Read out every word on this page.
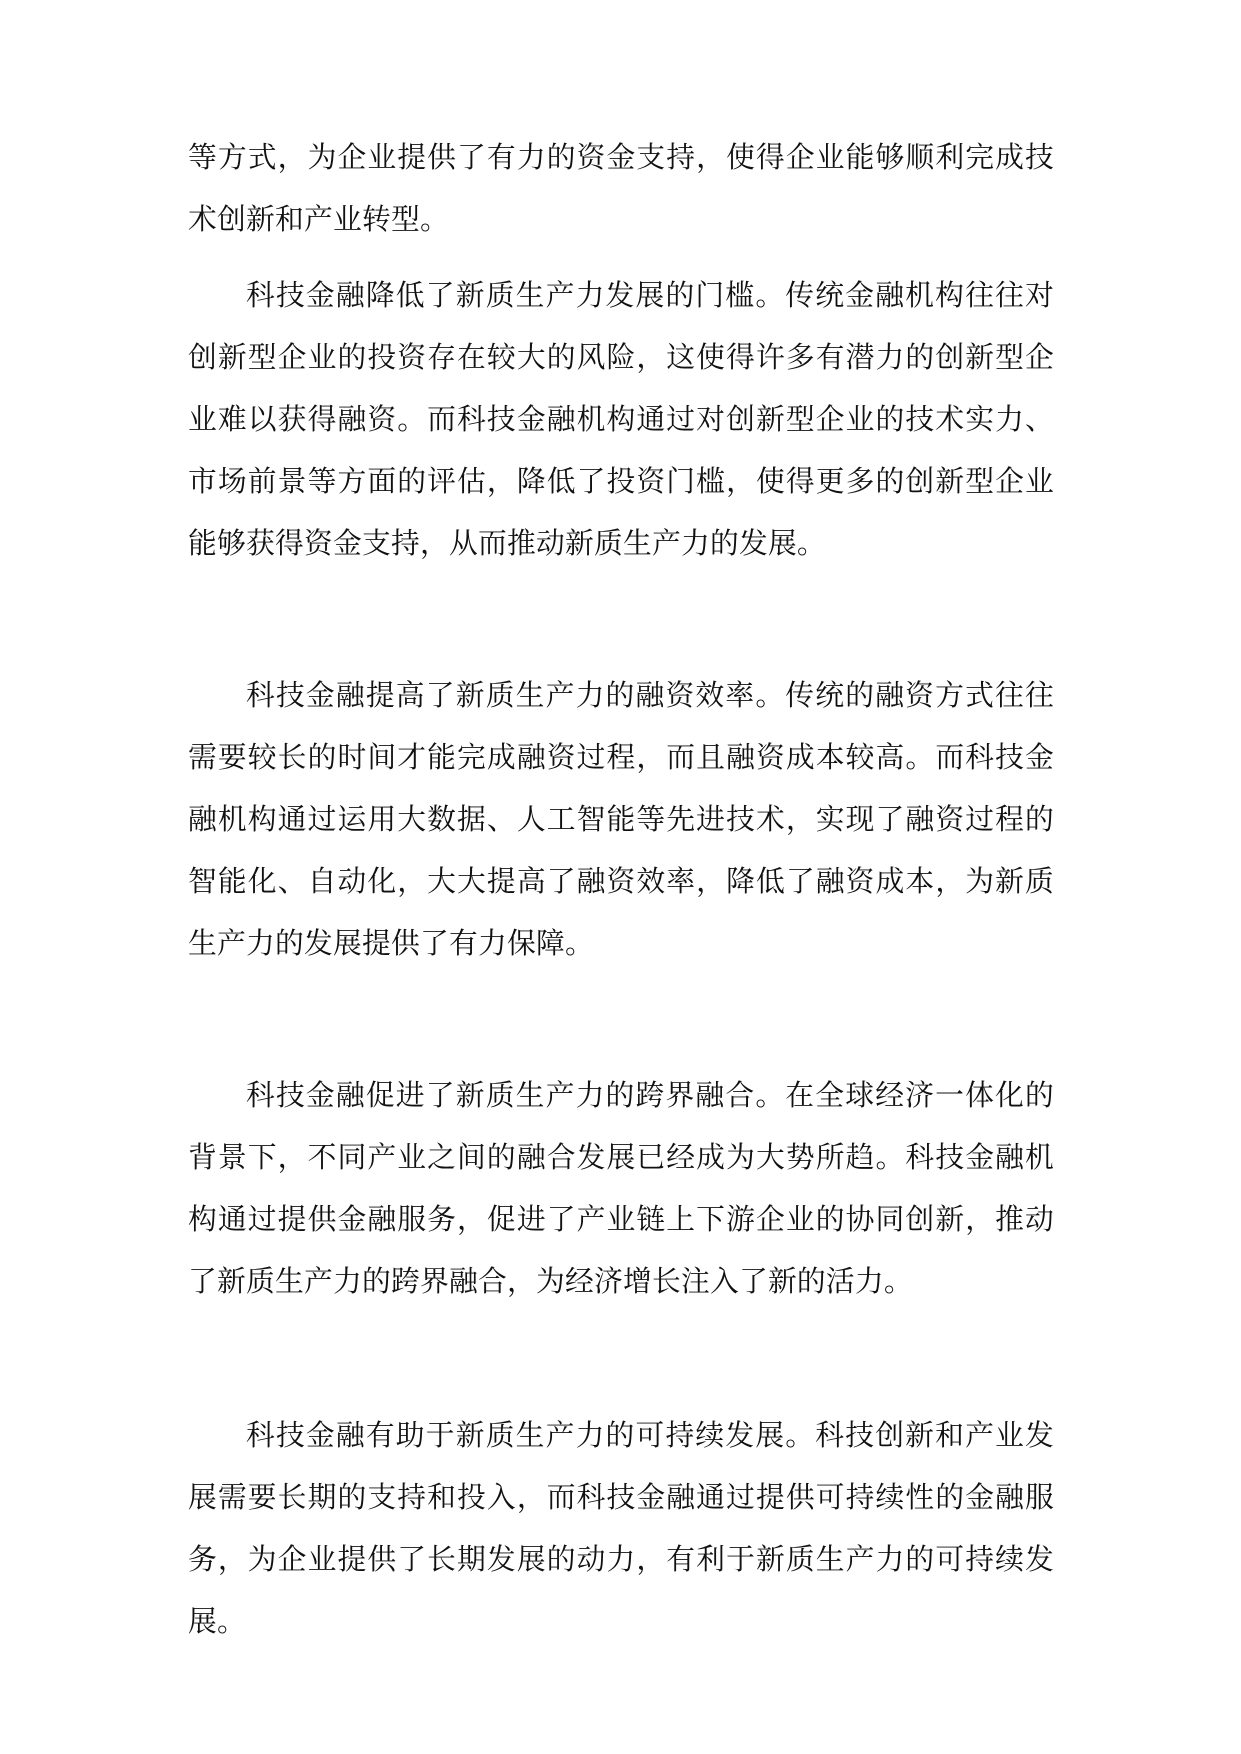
等方式，为企业提供了有力的资金支持，使得企业能够顺利完成技术创新和产业转型。

科技金融降低了新质生产力发展的门槛。传统金融机构往往对创新型企业的投资存在较大的风险，这使得许多有潜力的创新型企业难以获得融资。而科技金融机构通过对创新型企业的技术实力、市场前景等方面的评估，降低了投资门槛，使得更多的创新型企业能够获得资金支持，从而推动新质生产力的发展。

科技金融提高了新质生产力的融资效率。传统的融资方式往往需要较长的时间才能完成融资过程，而且融资成本较高。而科技金融机构通过运用大数据、人工智能等先进技术，实现了融资过程的智能化、自动化，大大提高了融资效率，降低了融资成本，为新质生产力的发展提供了有力保障。

科技金融促进了新质生产力的跨界融合。在全球经济一体化的背景下，不同产业之间的融合发展已经成为大势所趋。科技金融机构通过提供金融服务，促进了产业链上下游企业的协同创新，推动了新质生产力的跨界融合，为经济增长注入了新的活力。

科技金融有助于新质生产力的可持续发展。科技创新和产业发展需要长期的支持和投入，而科技金融通过提供可持续性的金融服务，为企业提供了长期发展的动力，有利于新质生产力的可持续发展。
